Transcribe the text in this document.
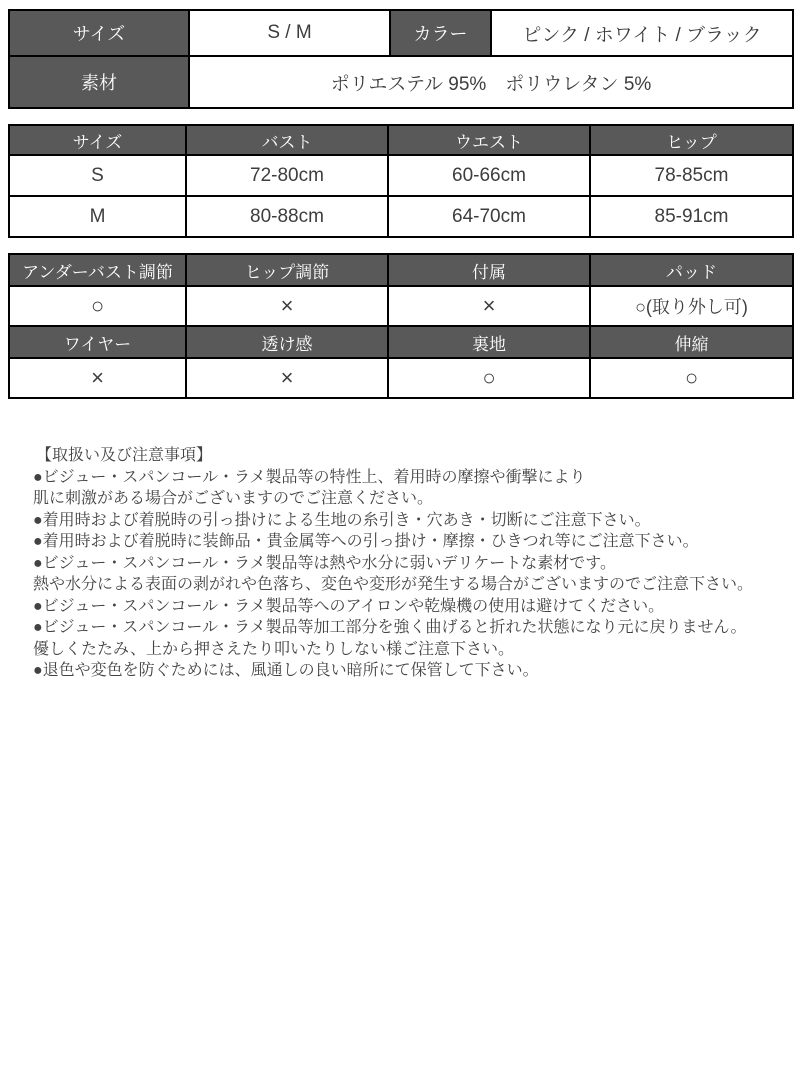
サイズ	S / M	カラー	ピンク / ホワイト / ブラック
素材	ポリエステル 95%　ポリウレタン 5%		
サイズ	バスト	ウエスト	ヒップ
S	72-80cm	60-66cm	78-85cm
M	80-88cm	64-70cm	85-91cm
アンダーバスト調節	ヒップ調節	付属	パッド
○	×	×	○(取り外し可)
ワイヤー	透け感	裏地	伸縮
×	×	○	○
【取扱い及び注意事項】
●ビジュー・スパンコール・ラメ製品等の特性上、着用時の摩擦や衝撃により
肌に刺激がある場合がございますのでご注意ください。
●着用時および着脱時の引っ掛けによる生地の糸引き・穴あき・切断にご注意下さい。
●着用時および着脱時に装飾品・貴金属等への引っ掛け・摩擦・ひきつれ等にご注意下さい。
●ビジュー・スパンコール・ラメ製品等は熱や水分に弱いデリケートな素材です。
熱や水分による表面の剥がれや色落ち、変色や変形が発生する場合がございますのでご注意下さい。
●ビジュー・スパンコール・ラメ製品等へのアイロンや乾燥機の使用は避けてください。
●ビジュー・スパンコール・ラメ製品等加工部分を強く曲げると折れた状態になり元に戻りません。
優しくたたみ、上から押さえたり叩いたりしない様ご注意下さい。
●退色や変色を防ぐためには、風通しの良い暗所にて保管して下さい。
